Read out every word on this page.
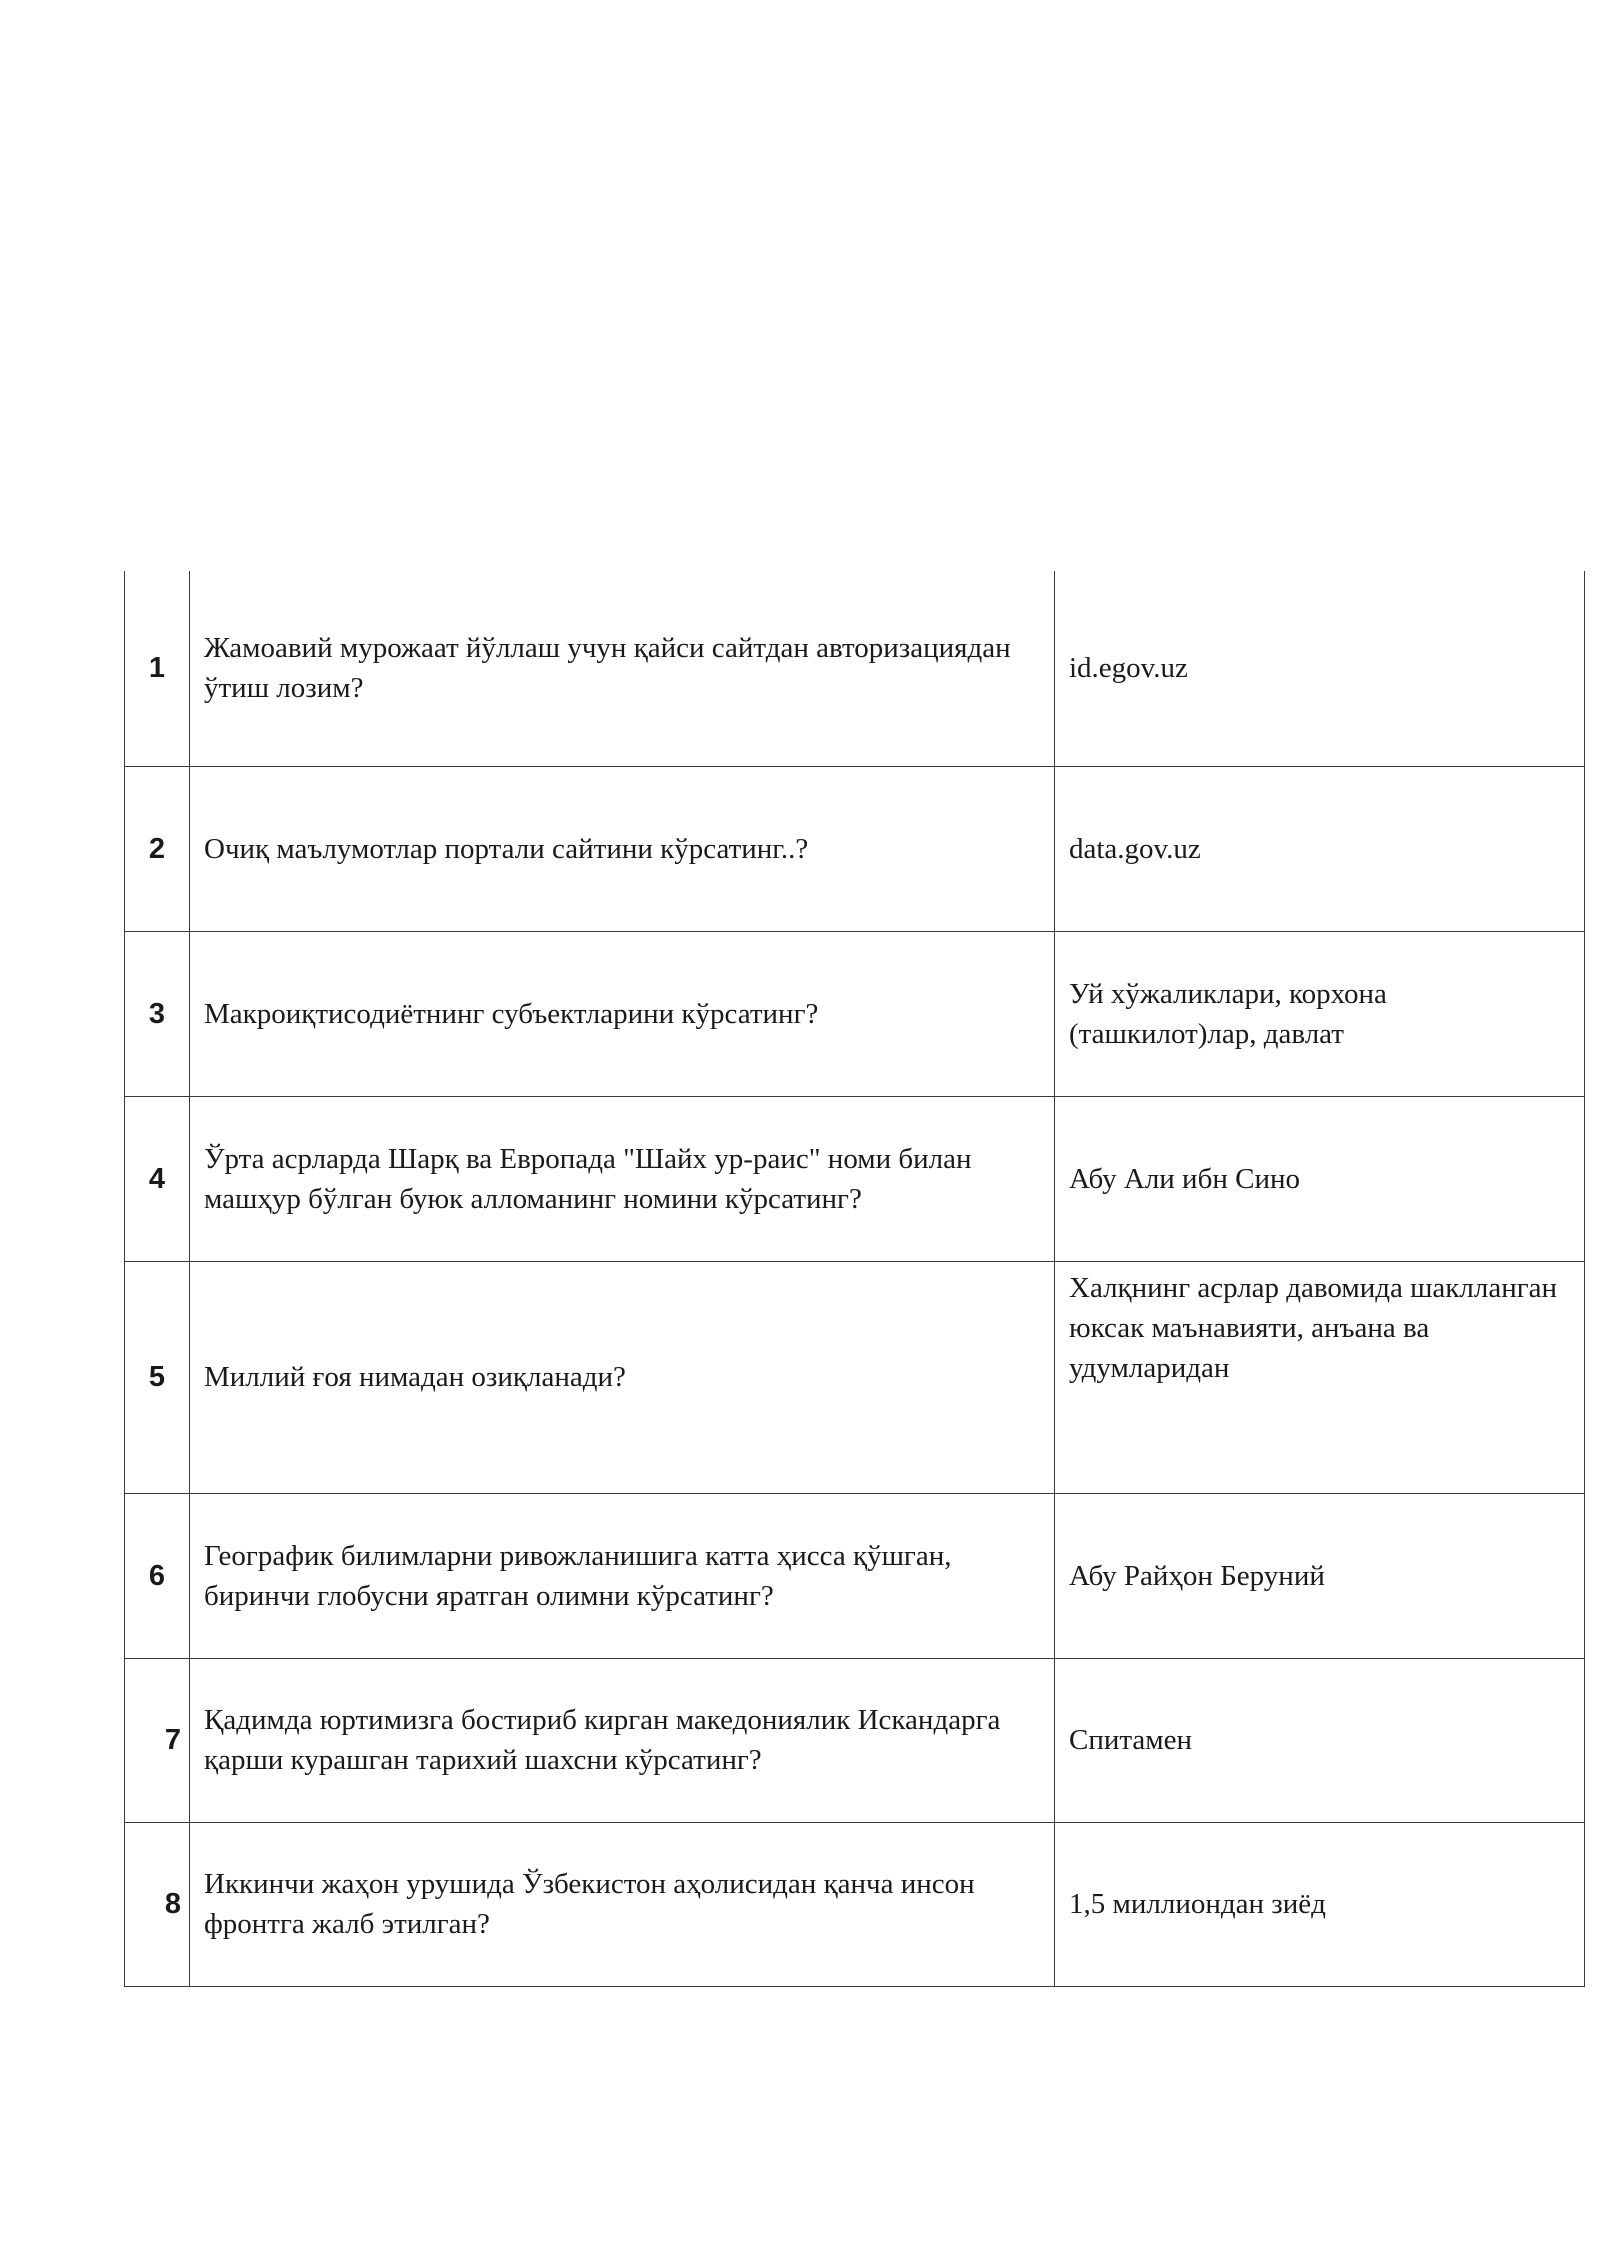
1	Жамоавий мурожаат йўллаш учун қайси сайтдан авторизациядан ўтиш лозим?	id.egov.uz
2	Очиқ маълумотлар портали сайтини кўрсатинг..?	data.gov.uz
3	Макроиқтисодиётнинг субъектларини кўрсатинг?	Уй хўжаликлари, корхона (ташкилот)лар, давлат
4	Ўрта асрларда Шарқ ва Европада "Шайх ур-раис" номи билан машҳур бўлган буюк алломанинг номини кўрсатинг?	Абу Али ибн Сино
5	Миллий ғоя нимадан озиқланади?	Халқнинг асрлар давомида шаклланган юксак маънавияти, анъана ва удумларидан
6	Географик билимларни ривожланишига катта ҳисса қўшган, биринчи глобусни яратган олимни кўрсатинг?	Абу Райҳон Беруний
7	Қадимда юртимизга бостириб кирган македониялик Искандарга қарши курашган тарихий шахсни кўрсатинг?	Спитамен
8	Иккинчи жаҳон урушида Ўзбекистон аҳолисидан қанча инсон фронтга жалб этилган?	1,5 миллиондан зиёд
